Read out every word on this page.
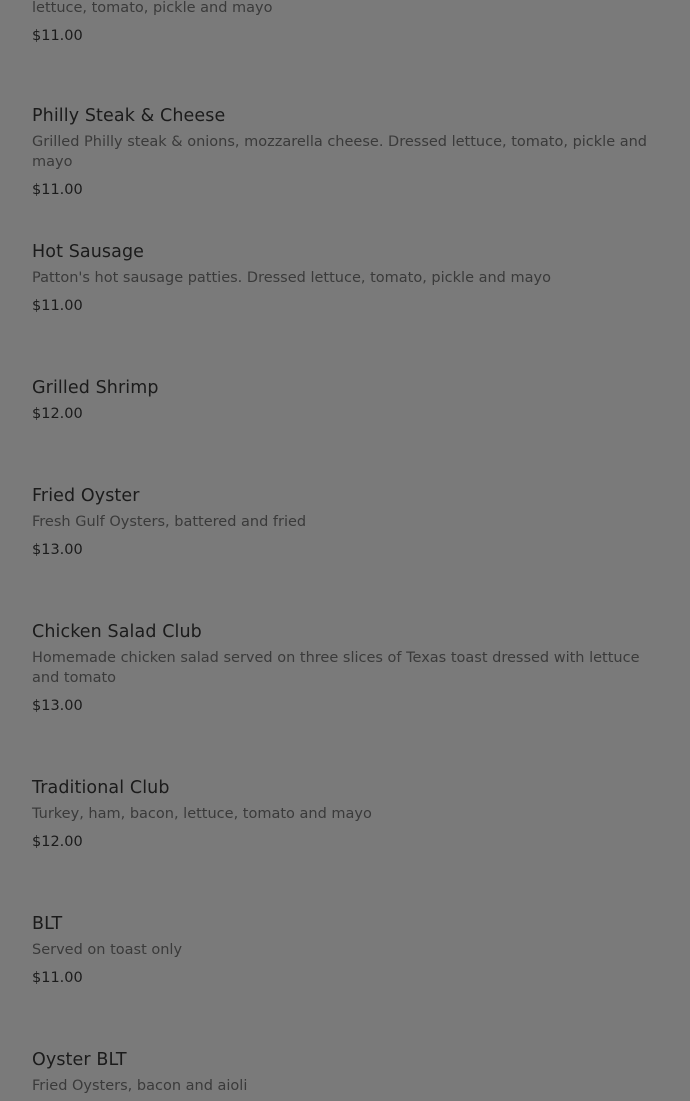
lettuce, tomato, pickle and mayo

$11.00

Philly Steak & Cheese

Grilled Philly steak & onions, mozzarella cheese. Dressed lettuce, tomato, pickle and mayo

$11.00

Hot Sausage

Patton's hot sausage patties. Dressed lettuce, tomato, pickle and mayo

$11.00

Grilled Shrimp

$12.00

Fried Oyster

Fresh Gulf Oysters, battered and fried

$13.00

Chicken Salad Club

Homemade chicken salad served on three slices of Texas toast dressed with lettuce and tomato

$13.00

Traditional Club

Turkey, ham, bacon, lettuce, tomato and mayo

$12.00

BLT

Served on toast only

$11.00

Oyster BLT

Fried Oysters, bacon and aioli
